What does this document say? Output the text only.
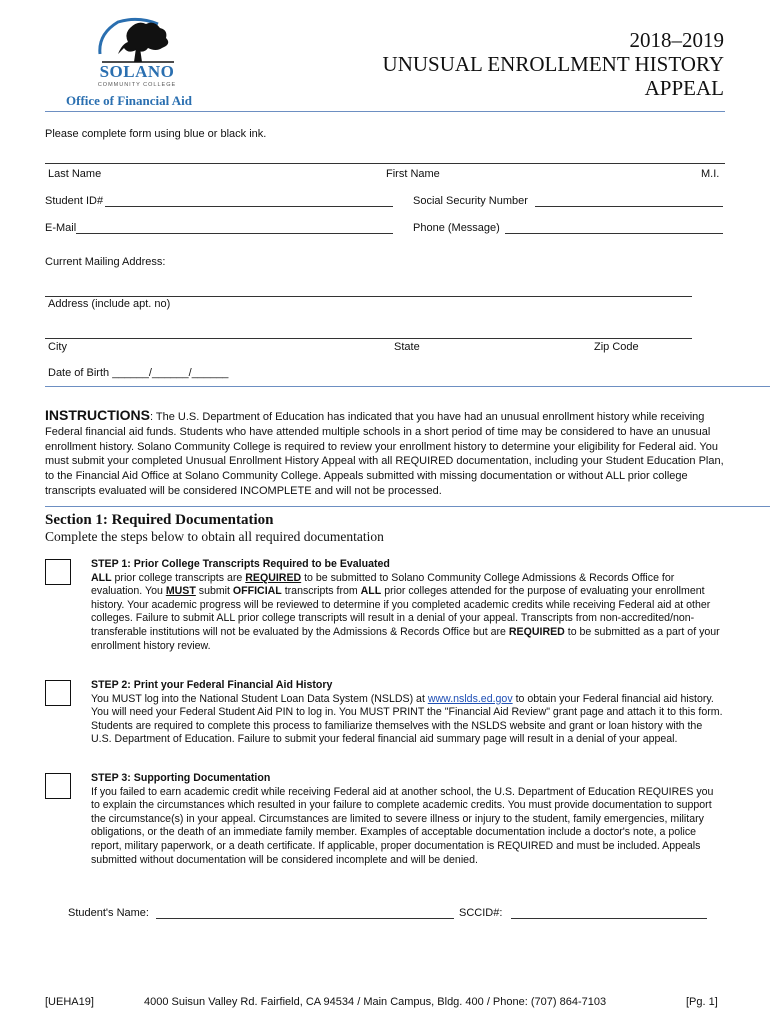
SOLANO
COMMUNITY COLLEGE
Office of Financial Aid
2018–2019
UNUSUAL ENROLLMENT HISTORY
APPEAL
Please complete form using blue or black ink.
Last Name	First Name	M.I.
Student ID#	Social Security Number
E-Mail	Phone (Message)
Current Mailing Address:
Address (include apt. no)
City	State	Zip Code
Date of Birth ______/______/______
INSTRUCTIONS: The U.S. Department of Education has indicated that you have had an unusual enrollment history while receiving Federal financial aid funds. Students who have attended multiple schools in a short period of time may be considered to have an unusual enrollment history. Solano Community College is required to review your enrollment history to determine your eligibility for Federal aid. You must submit your completed Unusual Enrollment History Appeal with all REQUIRED documentation, including your Student Education Plan, to the Financial Aid Office at Solano Community College. Appeals submitted with missing documentation or without ALL prior college transcripts evaluated will be considered INCOMPLETE and will not be processed.
Section 1: Required Documentation
Complete the steps below to obtain all required documentation
STEP 1: Prior College Transcripts Required to be Evaluated
ALL prior college transcripts are REQUIRED to be submitted to Solano Community College Admissions & Records Office for evaluation. You MUST submit OFFICIAL transcripts from ALL prior colleges attended for the purpose of evaluating your enrollment history. Your academic progress will be reviewed to determine if you completed academic credits while receiving Federal aid at other colleges. Failure to submit ALL prior college transcripts will result in a denial of your appeal. Transcripts from non-accredited/non- transferable institutions will not be evaluated by the Admissions & Records Office but are REQUIRED to be submitted as a part of your enrollment history review.
STEP 2: Print your Federal Financial Aid History
You MUST log into the National Student Loan Data System (NSLDS) at www.nslds.ed.gov to obtain your Federal financial aid history. You will need your Federal Student Aid PIN to log in. You MUST PRINT the "Financial Aid Review" grant page and attach it to this form. Students are required to complete this process to familiarize themselves with the NSLDS website and grant or loan history with the U.S. Department of Education. Failure to submit your federal financial aid summary page will result in a denial of your appeal.
STEP 3: Supporting Documentation
If you failed to earn academic credit while receiving Federal aid at another school, the U.S. Department of Education REQUIRES you to explain the circumstances which resulted in your failure to complete academic credits. You must provide documentation to support the circumstance(s) in your appeal. Circumstances are limited to severe illness or injury to the student, family emergencies, military obligations, or the death of an immediate family member. Examples of acceptable documentation include a doctor's note, a police report, military paperwork, or a death certificate. If applicable, proper documentation is REQUIRED and must be included. Appeals submitted without documentation will be considered incomplete and will be denied.
Student's Name:	SCCID#:
[UEHA19]	4000 Suisun Valley Rd. Fairfield, CA 94534 / Main Campus, Bldg. 400 / Phone: (707) 864-7103	[Pg. 1]
